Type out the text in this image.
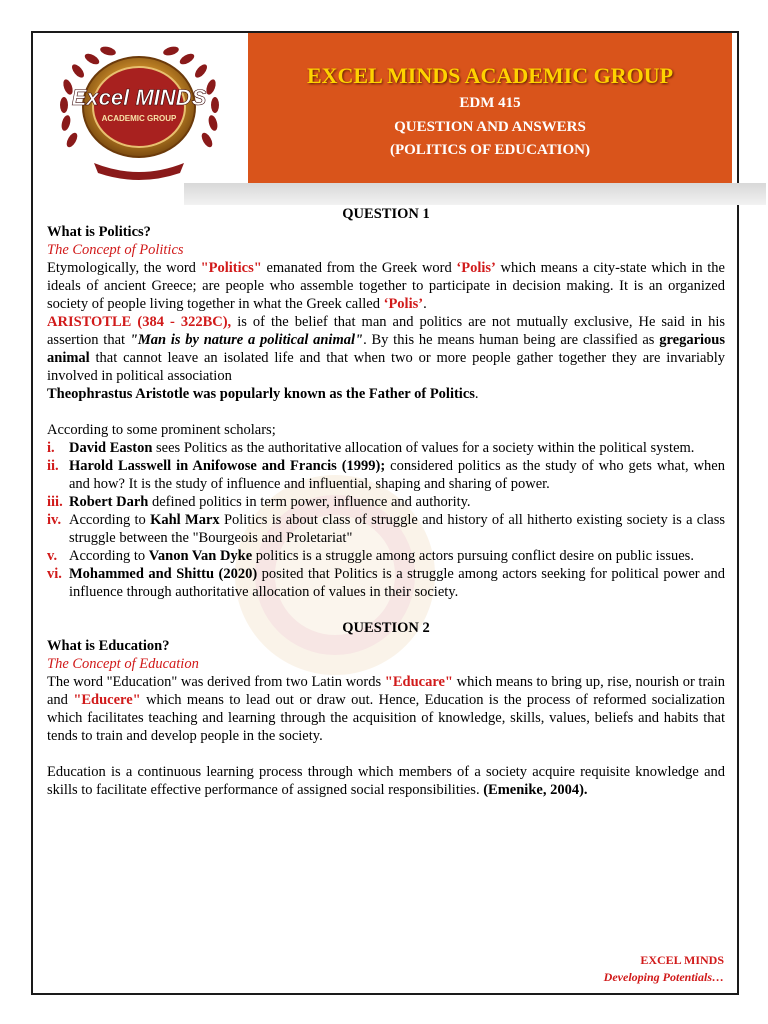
Excel MINDS
ACADEMIC GROUP
EXCEL MINDS ACADEMIC GROUP
EDM 415
QUESTION AND ANSWERS
(POLITICS OF EDUCATION)

QUESTION 1

What is Politics?

The Concept of Politics

Etymologically, the word "Politics" emanated from the Greek word ‘Polis’ which means a city-state which in the ideals of ancient Greece; are people who assemble together to participate in decision making. It is an organized society of people living together in what the Greek called ‘Polis’.

ARISTOTLE (384 - 322BC), is of the belief that man and politics are not mutually exclusive, He said in his assertion that "Man is by nature a political animal". By this he means human being are classified as gregarious animal that cannot leave an isolated life and that when two or more people gather together they are invariably involved in political association

Theophrastus Aristotle was popularly known as the Father of Politics.

According to some prominent scholars;

i. David Easton sees Politics as the authoritative allocation of values for a society within the political system.
ii. Harold Lasswell in Anifowose and Francis (1999); considered politics as the study of who gets what, when and how? It is the study of influence and influential, shaping and sharing of power.
iii. Robert Darh defined politics in term power, influence and authority.
iv. According to Kahl Marx Politics is about class of struggle and history of all hitherto existing society is a class struggle between the "Bourgeois and Proletariat"
v. According to Vanon Van Dyke politics is a struggle among actors pursuing conflict desire on public issues.
vi. Mohammed and Shittu (2020) posited that Politics is a struggle among actors seeking for political power and influence through authoritative allocation of values in their society.

QUESTION 2

What is Education?

The Concept of Education

The word "Education" was derived from two Latin words "Educare" which means to bring up, rise, nourish or train and "Educere" which means to lead out or draw out. Hence, Education is the process of reformed socialization which facilitates teaching and learning through the acquisition of knowledge, skills, values, beliefs and habits that tends to train and develop people in the society.

Education is a continuous learning process through which members of a society acquire requisite knowledge and skills to facilitate effective performance of assigned social responsibilities. (Emenike, 2004).

EXCEL MINDS
Developing Potentials…
